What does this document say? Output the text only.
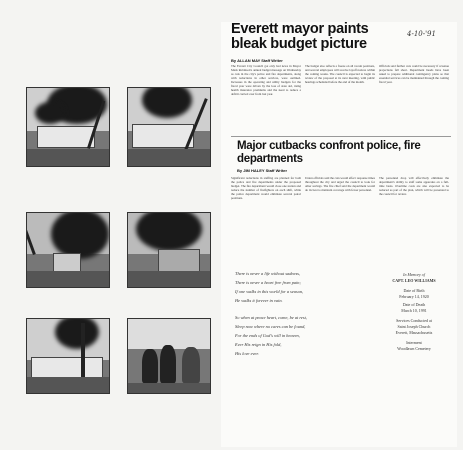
Everett mayor paints bleak budget picture
4-10-'91
By ALLAN MAY Staff Writer
The Everett City Council got only bad news in Mayor Mark Robinson's annual budget message on Wednesday as cuts in the city's police and fire departments, along with reductions in other services, were outlined. Increases in the operating and utility budgets for the fiscal year were driven by the loss of state aid, rising health insurance premiums and the need to reduce a deficit carried over from last year.
The budget also reflects a freeze on all vacant positions, and several employees will receive layoff notices within the coming weeks. The council is expected to begin its review of the proposal at its next meeting, with public hearings scheduled before the end of the month.
Officials said further cuts could be necessary if revenue projections fall short. Department heads have been asked to prepare additional contingency plans so that essential services can be maintained through the coming fiscal year.
Major cutbacks confront police, fire departments
By JIM HALEY Staff Writer
Significant reductions in staffing are planned for both the police and fire departments under the proposed budget. The fire department would close one station and reduce the number of firefighters on each shift, while the police department would eliminate several patrol positions.
Union officials said the cuts would affect response times throughout the city and urged the council to look for other savings. The fire chief said the department would do its best to maintain coverage with fewer personnel.
The personnel drop will effectively eliminate the department's ability to staff some apparatus on a full-time basis. Overtime costs are also expected to be reduced as part of the plan, which will be presented to the council for review.
There is never a life without sadness,
There is never a heart free from pain;
If one walks in this world for a season,
He walks it forever in vain.
So when at peace heart, come, be at rest,
Sleep now where no cares can be found,
For the ends of God's will in heaven,
Ever His reign in His fold,
His love ever.
In Memory of
CAPT. LEO WILLIAMS
Date of Birth
February 14, 1920
Date of Death
March 10, 1991
Services Conducted at
Saint Joseph Church
Everett, Massachusetts
Interment
Woodlawn Cemetery
